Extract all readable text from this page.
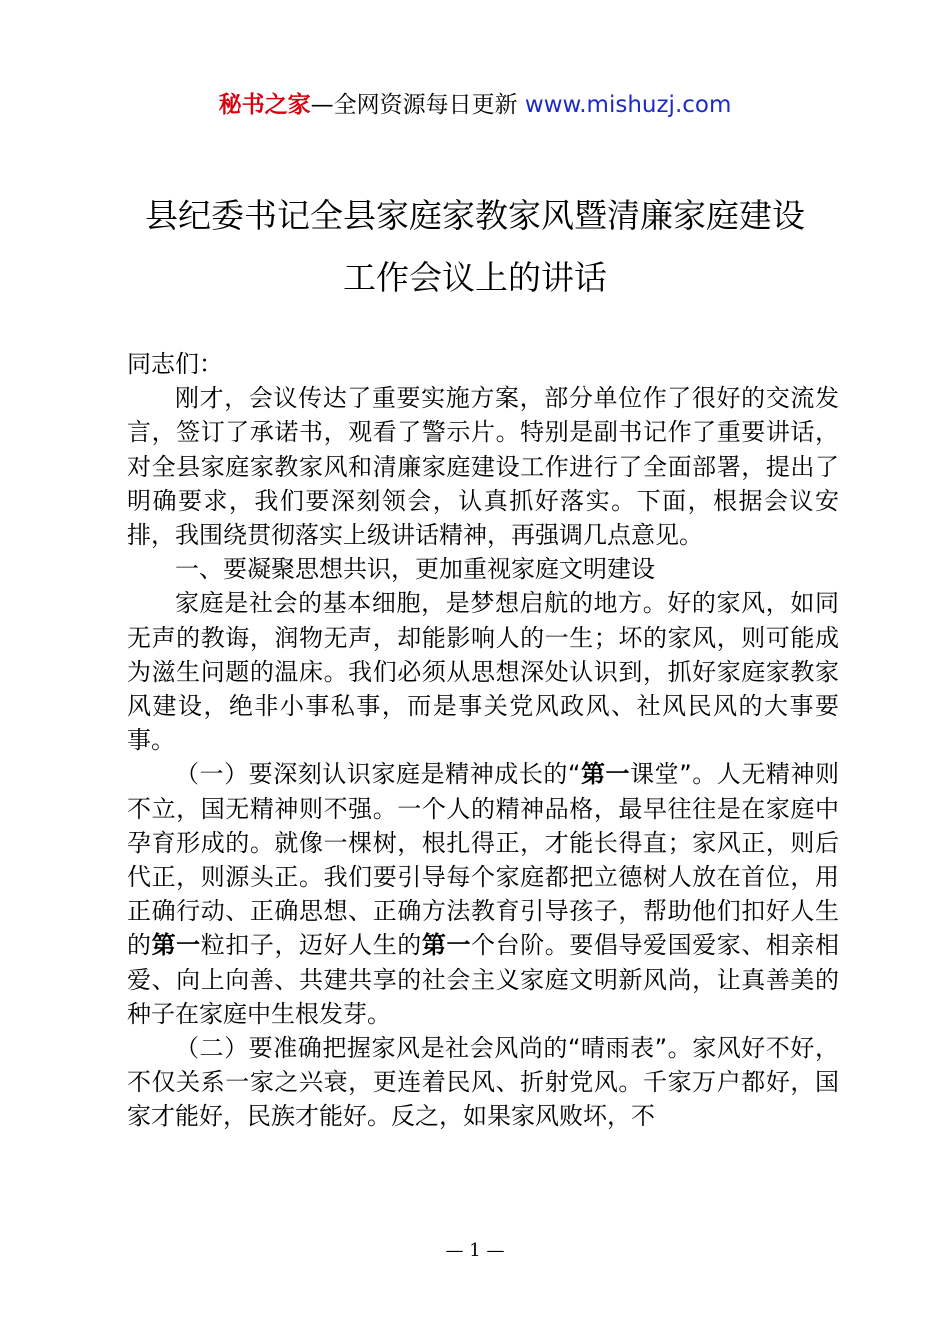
秘书之家—全网资源每日更新 www.mishuzj.com
县纪委书记全县家庭家教家风暨清廉家庭建设
工作会议上的讲话

同志们：

刚才，会议传达了重要实施方案，部分单位作了很好的交流发言，签订了承诺书，观看了警示片。特别是副书记作了重要讲话，对全县家庭家教家风和清廉家庭建设工作进行了全面部署，提出了明确要求，我们要深刻领会，认真抓好落实。下面，根据会议安排，我围绕贯彻落实上级讲话精神，再强调几点意见。

一、要凝聚思想共识，更加重视家庭文明建设

家庭是社会的基本细胞，是梦想启航的地方。好的家风，如同无声的教诲，润物无声，却能影响人的一生；坏的家风，则可能成为滋生问题的温床。我们必须从思想深处认识到，抓好家庭家教家风建设，绝非小事私事，而是事关党风政风、社风民风的大事要事。

（一）要深刻认识家庭是精神成长的“第一课堂”。人无精神则不立，国无精神则不强。一个人的精神品格，最早往往是在家庭中孕育形成的。就像一棵树，根扎得正，才能长得直；家风正，则后代正，则源头正。我们要引导每个家庭都把立德树人放在首位，用正确行动、正确思想、正确方法教育引导孩子，帮助他们扣好人生的第一粒扣子，迈好人生的第一个台阶。要倡导爱国爱家、相亲相爱、向上向善、共建共享的社会主义家庭文明新风尚，让真善美的种子在家庭中生根发芽。

（二）要准确把握家风是社会风尚的“晴雨表”。家风好不好，不仅关系一家之兴衰，更连着民风、折射党风。千家万户都好，国家才能好，民族才能好。反之，如果家风败坏，不

— 1 —
